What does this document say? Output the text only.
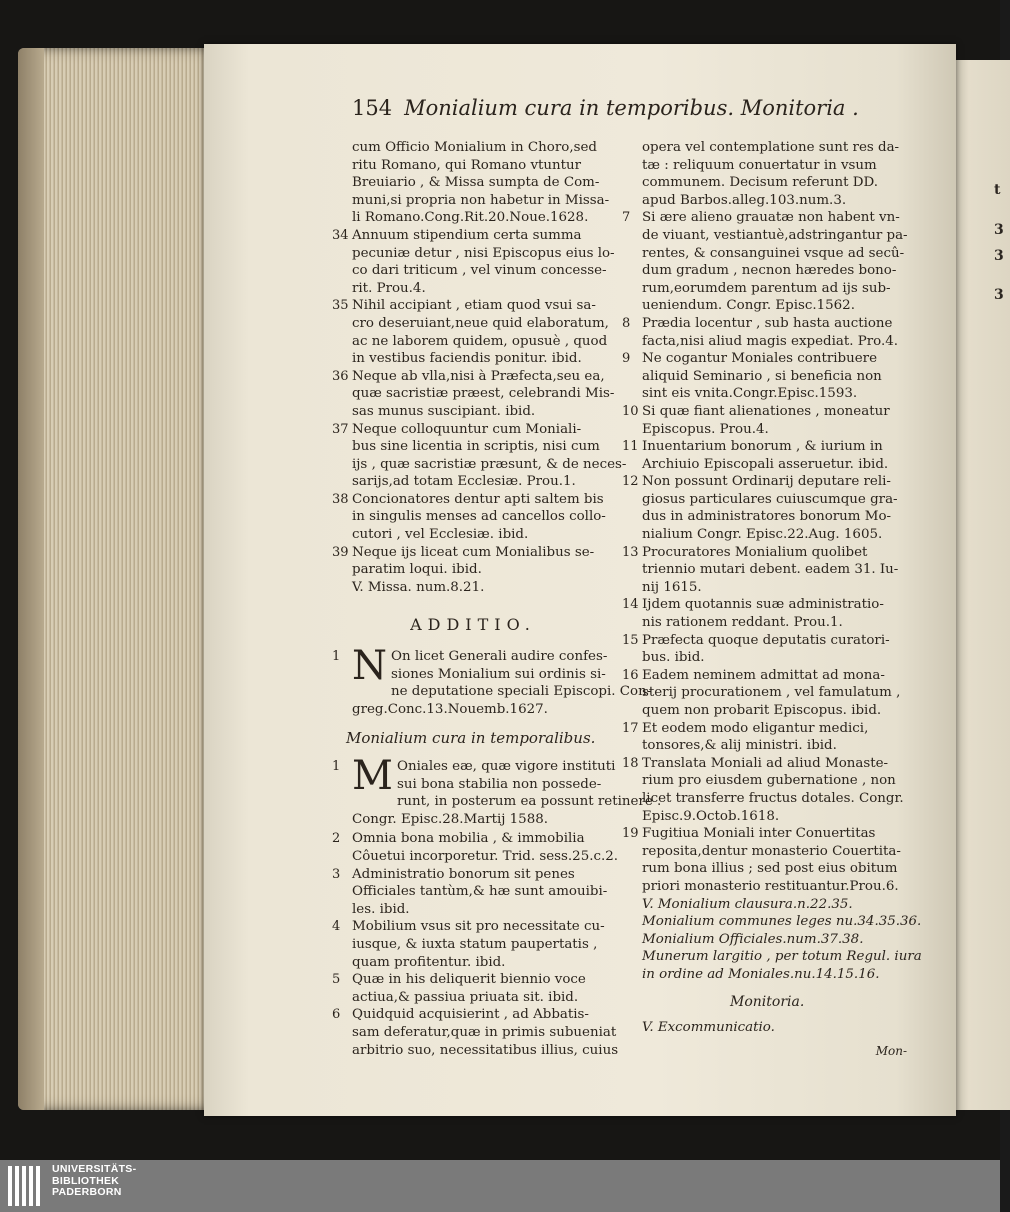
t
3
3
3
154 Monialium cura in temporibus. Monitoria .
cum Officio Monialium in Choro,sed
ritu Romano, qui Romano vtuntur
Breuiario , & Missa sumpta de Com-
muni,si propria non habetur in Missa-
li Romano.Cong.Rit.20.Noue.1628.
34 Annuum stipendium certa summa
pecuniæ detur , nisi Episcopus eius lo-
co dari triticum , vel vinum concesse-
rit. Prou.4.
35 Nihil accipiant , etiam quod vsui sa-
cro deseruiant,neue quid elaboratum,
ac ne laborem quidem, opusuè , quod
in vestibus faciendis ponitur. ibid.
36 Neque ab vlla,nisi à Præfecta,seu ea,
quæ sacristiæ præest, celebrandi Mis-
sas munus suscipiant. ibid.
37 Neque colloquuntur cum Moniali-
bus sine licentia in scriptis, nisi cum
ijs , quæ sacristiæ præsunt, & de neces-
sarijs,ad totam Ecclesiæ. Prou.1.
38 Concionatores dentur apti saltem bis
in singulis menses ad cancellos collo-
cutori , vel Ecclesiæ. ibid.
39 Neque ijs liceat cum Monialibus se-
paratim loqui. ibid.
V. Missa. num.8.21.
ADDITIO.
1 N On licet Generali audire confes-
siones Monialium sui ordinis si-
ne deputatione speciali Episcopi. Con-
greg.Conc.13.Nouemb.1627.
Monialium cura in temporalibus.
1 M Oniales eæ, quæ vigore instituti
sui bona stabilia non possede-
runt, in posterum ea possunt retinere .
Congr. Episc.28.Martij 1588.
2 Omnia bona mobilia , & immobilia
Côuetui incorporetur. Trid. sess.25.c.2.
3 Administratio bonorum sit penes
Officiales tantùm,& hæ sunt amouibi-
les. ibid.
4 Mobilium vsus sit pro necessitate cu-
iusque, & iuxta statum paupertatis ,
quam profitentur. ibid.
5 Quæ in his deliquerit biennio voce
actiua,& passiua priuata sit. ibid.
6 Quidquid acquisierint , ad Abbatis-
sam deferatur,quæ in primis subueniat
arbitrio suo, necessitatibus illius, cuius
opera vel contemplatione sunt res da-
tæ : reliquum conuertatur in vsum
communem. Decisum referunt DD.
apud Barbos.alleg.103.num.3.
7 Si ære alieno grauatæ non habent vn-
de viuant, vestiantuè,adstringantur pa-
rentes, & consanguinei vsque ad secû-
dum gradum , necnon hæredes bono-
rum,eorumdem parentum ad ijs sub-
ueniendum. Congr. Episc.1562.
8 Prædia locentur , sub hasta auctione
facta,nisi aliud magis expediat. Pro.4.
9 Ne cogantur Moniales contribuere
aliquid Seminario , si beneficia non
sint eis vnita.Congr.Episc.1593.
10 Si quæ fiant alienationes , moneatur
Episcopus. Prou.4.
11 Inuentarium bonorum , & iurium in
Archiuio Episcopali asseruetur. ibid.
12 Non possunt Ordinarij deputare reli-
giosus particulares cuiuscumque gra-
dus in administratores bonorum Mo-
nialium Congr. Episc.22.Aug. 1605.
13 Procuratores Monialium quolibet
triennio mutari debent. eadem 31. Iu-
nij 1615.
14 Ijdem quotannis suæ administratio-
nis rationem reddant. Prou.1.
15 Præfecta quoque deputatis curatori-
bus. ibid.
16 Eadem neminem admittat ad mona-
sterij procurationem , vel famulatum ,
quem non probarit Episcopus. ibid.
17 Et eodem modo eligantur medici,
tonsores,& alij ministri. ibid.
18 Translata Moniali ad aliud Monaste-
rium pro eiusdem gubernatione , non
licet transferre fructus dotales. Congr.
Episc.9.Octob.1618.
19 Fugitiua Moniali inter Conuertitas
reposita,dentur monasterio Couertita-
rum bona illius ; sed post eius obitum
priori monasterio restituantur.Prou.6.
V. Monialium clausura.n.22.35.
Monialium communes leges nu.34.35.36.
Monialium Officiales.num.37.38.
Munerum largitio , per totum Regul. iura
in ordine ad Moniales.nu.14.15.16.
Monitoria.
V. Excommunicatio.
Mon-
UNIVERSITÄTS-
BIBLIOTHEK
PADERBORN
